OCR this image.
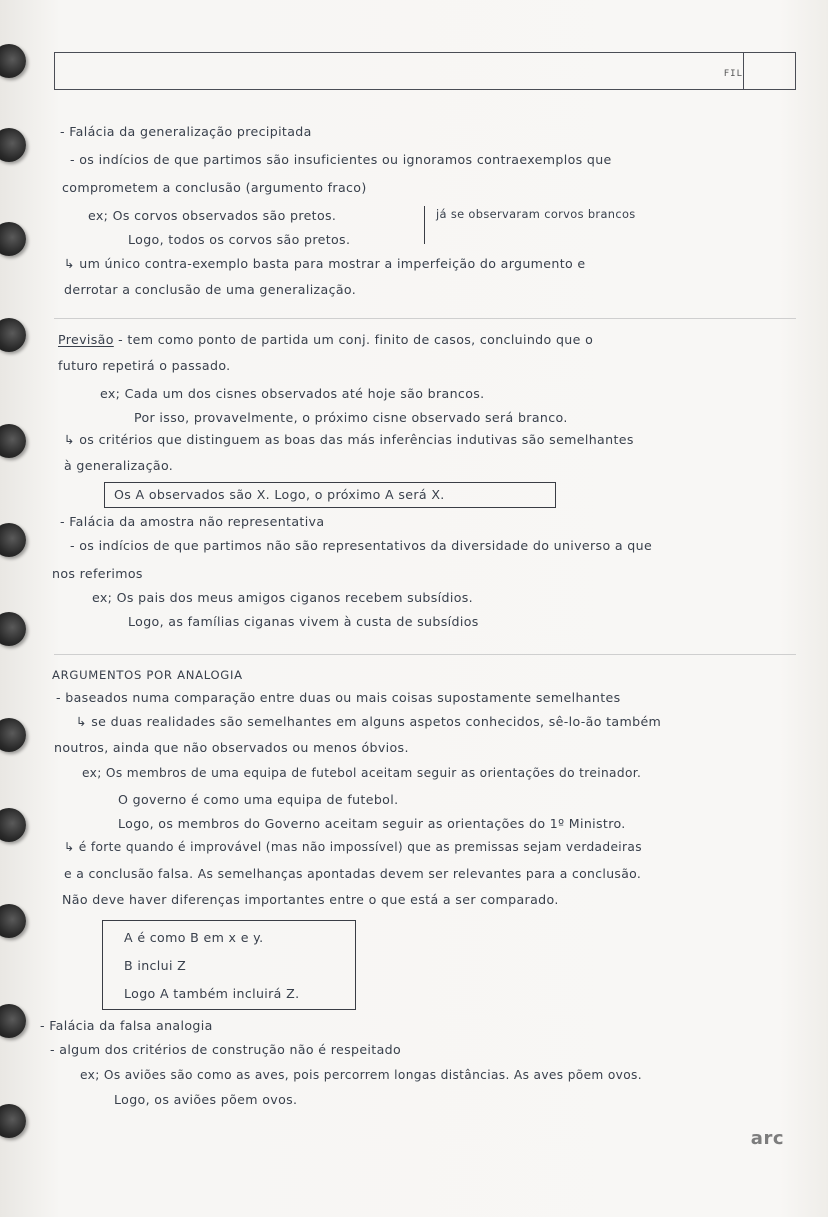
FIL
- Falácia da generalização precipitada
- os indícios de que partimos são insuficientes ou ignoramos contraexemplos que
comprometem a conclusão (argumento fraco)
ex; Os corvos observados são pretos.	já se observaram corvos brancos
Logo, todos os corvos são pretos.
↳ um único contra-exemplo basta para mostrar a imperfeição do argumento e
derrotar a conclusão de uma generalização.
Previsão - tem como ponto de partida um conj. finito de casos, concluindo que o
futuro repetirá o passado.
ex; Cada um dos cisnes observados até hoje são brancos.
Por isso, provavelmente, o próximo cisne observado será branco.
↳ os critérios que distinguem as boas das más inferências indutivas são semelhantes
à generalização.
Os A observados são X. Logo, o próximo A será X.
- Falácia da amostra não representativa
- os indícios de que partimos não são representativos da diversidade do universo a que
nos referimos
ex; Os pais dos meus amigos ciganos recebem subsídios.
Logo, as famílias ciganas vivem à custa de subsídios
ARGUMENTOS POR ANALOGIA
- baseados numa comparação entre duas ou mais coisas supostamente semelhantes
↳ se duas realidades são semelhantes em alguns aspetos conhecidos, sê-lo-ão também
noutros, ainda que não observados ou menos óbvios.
ex; Os membros de uma equipa de futebol aceitam seguir as orientações do treinador.
O governo é como uma equipa de futebol.
Logo, os membros do Governo aceitam seguir as orientações do 1º Ministro.
↳ é forte quando é improvável (mas não impossível) que as premissas sejam verdadeiras
e a conclusão falsa. As semelhanças apontadas devem ser relevantes para a conclusão.
Não deve haver diferenças importantes entre o que está a ser comparado.
A é como B em x e y.
B inclui Z
Logo A também incluirá Z.
- Falácia da falsa analogia
- algum dos critérios de construção não é respeitado
ex; Os aviões são como as aves, pois percorrem longas distâncias. As aves põem ovos.
Logo, os aviões põem ovos.
arc
